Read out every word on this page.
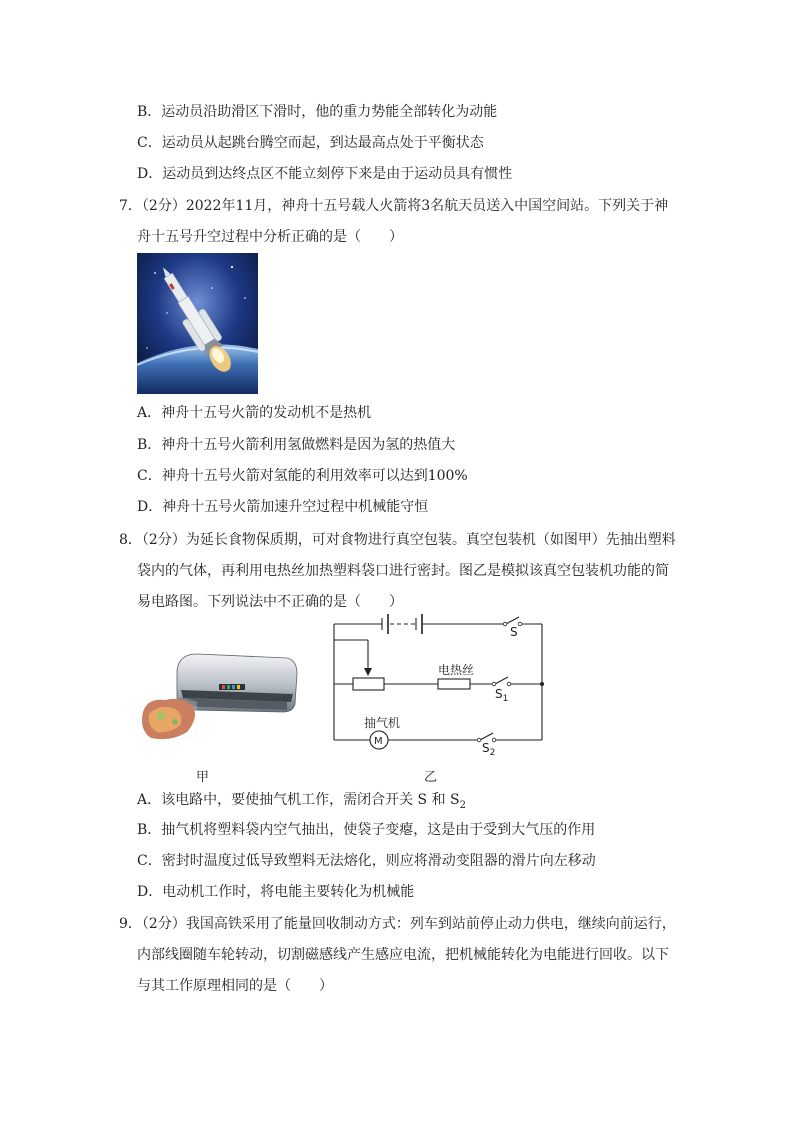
B．运动员沿助滑区下滑时，他的重力势能全部转化为动能
C．运动员从起跳台腾空而起，到达最高点处于平衡状态
D．运动员到达终点区不能立刻停下来是由于运动员具有惯性
7．（2分）2022年11月，神舟十五号载人火箭将3名航天员送入中国空间站。下列关于神
舟十五号升空过程中分析正确的是（　　）
A．神舟十五号火箭的发动机不是热机
B．神舟十五号火箭利用氢做燃料是因为氢的热值大
C．神舟十五号火箭对氢能的利用效率可以达到100%
D．神舟十五号火箭加速升空过程中机械能守恒
8．（2分）为延长食物保质期，可对食物进行真空包装。真空包装机（如图甲）先抽出塑料
袋内的气体，再利用电热丝加热塑料袋口进行密封。图乙是模拟该真空包装机功能的简
易电路图。下列说法中不正确的是（　　）
S
电热丝
$S_1$
抽气机
M	$S_2$
甲	乙
A．该电路中，要使抽气机工作，需闭合开关 S 和 $S_2$
B．抽气机将塑料袋内空气抽出，使袋子变瘪，这是由于受到大气压的作用
C．密封时温度过低导致塑料无法熔化，则应将滑动变阻器的滑片向左移动
D．电动机工作时，将电能主要转化为机械能
9．（2分）我国高铁采用了能量回收制动方式：列车到站前停止动力供电，继续向前运行，
内部线圈随车轮转动，切割磁感线产生感应电流，把机械能转化为电能进行回收。以下
与其工作原理相同的是（　　）
